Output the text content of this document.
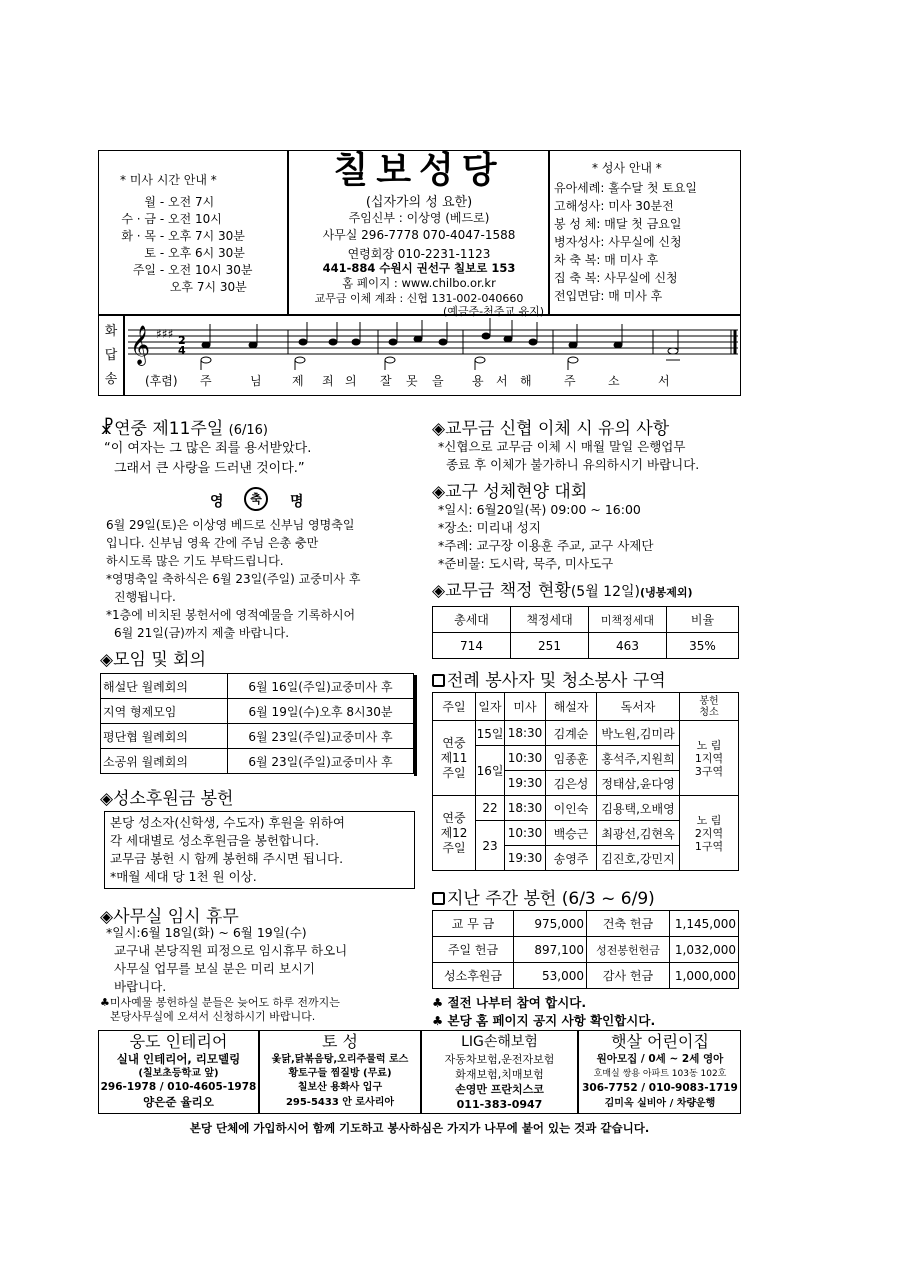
* 미사 시간 안내 *
월 - 오전 7시
수 · 금 - 오전 10시
화 · 목 - 오후 7시 30분
토 - 오후 6시 30분
주일 - 오전 10시 30분
오후 7시 30분
칠보성당
(십자가의 성 요한)
주임신부 : 이상영 (베드로)
사무실 296-7778 070-4047-1588
연령회장 010-2231-1123
441-884 수원시 권선구 칠보로 153
홈 페이지 : www.chilbo.or.kr
교무금 이체 계좌 : 신협 131-002-040660
(예금주-천주교 유지)
* 성사 안내 *
유아세례: 홀수달 첫 토요일
고해성사: 미사 30분전
봉 성 체: 매달 첫 금요일
병자성사: 사무실에 신청
차 축 복: 매 미사 후
집 축 복: 사무실에 신청
전입면담: 매 미사 후
화
답
송
𝄞 ♯♯♯ 2
4
(후렴) 주	님	제 죄 의 잘 못 을 용 서 해	주	소	서
☧연중 제11주일 (6/16)
“이 여자는 그 많은 죄를 용서받았다.
그래서 큰 사랑을 드러낸 것이다.”
영	축	명
6월 29일(토)은 이상영 베드로 신부님 영명축일
입니다. 신부님 영육 간에 주님 은총 충만
하시도록 많은 기도 부탁드립니다.
*영명축일 축하식은 6월 23일(주일) 교중미사 후
진행됩니다.
*1층에 비치된 봉헌서에 영적예물을 기록하시어
6월 21일(금)까지 제출 바랍니다.
◈모임 및 회의
해설단 월례회의	6월 16일(주일)교중미사 후
지역 형제모임	6월 19일(수)오후 8시30분
평단협 월례회의	6월 23일(주일)교중미사 후
소공위 월례회의	6월 23일(주일)교중미사 후
◈성소후원금 봉헌
본당 성소자(신학생, 수도자) 후원을 위하여
각 세대별로 성소후원금을 봉헌합니다.
교무금 봉헌 시 함께 봉헌해 주시면 됩니다.
*매월 세대 당 1천 원 이상.
◈사무실 임시 휴무
*일시:6월 18일(화) ~ 6월 19일(수)
교구내 본당직원 피정으로 임시휴무 하오니
사무실 업무를 보실 분은 미리 보시기
바랍니다.
♣미사예물 봉헌하실 분들은 늦어도 하루 전까지는
본당사무실에 오셔서 신청하시기 바랍니다.
◈교무금 신협 이체 시 유의 사항
*신협으로 교무금 이체 시 매월 말일 은행업무
종료 후 이체가 불가하니 유의하시기 바랍니다.
◈교구 성체현양 대회
*일시: 6월20일(목) 09:00 ~ 16:00
*장소: 미리내 성지
*주례: 교구장 이용훈 주교, 교구 사제단
*준비물: 도시락, 묵주, 미사도구
◈교무금 책정 현황(5월 12일)(냉봉제외)
총세대	책정세대	미책정세대	비율
714	251	463	35%
전례 봉사자 및 청소봉사 구역
주일	일자	미사	해설자	독서자	봉헌
청소
연중
제11
주일	15일	18:30	김계순	박노원,김미라	노 림
1지역
3구역
	16일	10:30	임종훈	홍석주,지원희	
		19:30	김은성	정태삼,윤다영	
연중
제12
주일	22	18:30	이인숙	김용택,오배영	노 림
2지역
1구역
	23	10:30	백승근	최광선,김현옥	
		19:30	송영주	김진호,강민지	
지난 주간 봉헌 (6/3 ~ 6/9)
교 무 금	975,000	건축 헌금	1,145,000
주일 헌금	897,100	성전봉헌헌금	1,032,000
성소후원금	53,000	감사 헌금	1,000,000
♣ 절전 나부터 참여 합시다.
♣ 본당 홈 페이지 공지 사항 확인합시다.
웅도 인테리어
실내 인테리어, 리모델링
(칠보초등학교 앞)
296-1978 / 010-4605-1978
양은준 율리오
토 성
옻닭,닭볶음탕,오리주물럭 로스
황토구들 찜질방 (무료)
칠보산 용화사 입구
295-5433 안 로사리아
LIG손해보험
자동차보험,운전자보험
화재보험,치매보험
손영만 프란치스코
011-383-0947
햇살 어린이집
원아모집 / 0세 ~ 2세 영아
호매실 쌍용 아파트 103동 102호
306-7752 / 010-9083-1719
김미옥 실비아 / 차량운행
본당 단체에 가입하시어 함께 기도하고 봉사하심은 가지가 나무에 붙어 있는 것과 같습니다.
